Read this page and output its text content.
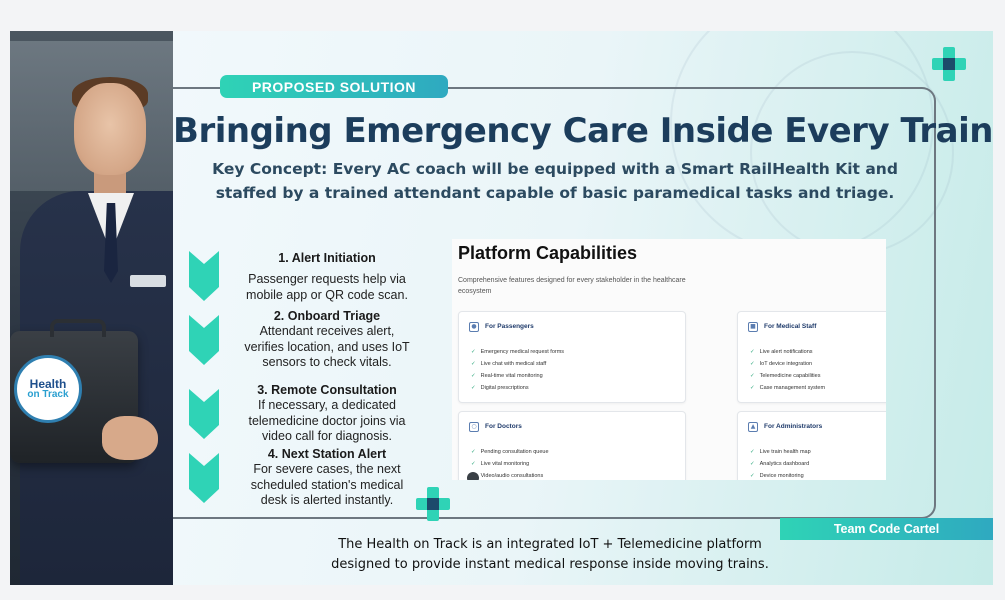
Health
on Track
PROPOSED SOLUTION
Bringing Emergency Care Inside Every Train

Key Concept: Every AC coach will be equipped with a Smart RailHealth Kit and
staffed by a trained attendant capable of basic paramedical tasks and triage.

1. Alert Initiation

Passenger requests help via
mobile app or QR code scan.

2. Onboard Triage

Attendant receives alert,
verifies location, and uses IoT
sensors to check vitals.

3. Remote Consultation

If necessary, a dedicated
telemedicine doctor joins via
video call for diagnosis.

4. Next Station Alert

For severe cases, the next
scheduled station's medical
desk is alerted instantly.

Platform Capabilities

Comprehensive features designed for every stakeholder in the healthcare
ecosystem

●	For Passengers

✓ Emergency medical request forms
✓ Live chat with medical staff
✓ Real-time vital monitoring
✓ Digital prescriptions
■	For Medical Staff

✓ Live alert notifications
✓ IoT device integration
✓ Telemedicine capabilities
✓ Case management system
○	For Doctors

✓ Pending consultation queue
✓ Live vital monitoring
Video/audio consultations
▲	For Administrators

✓ Live train health map
✓ Analytics dashboard
✓ Device monitoring
Team Code Cartel

The Health on Track is an integrated IoT + Telemedicine platform
designed to provide instant medical response inside moving trains.
